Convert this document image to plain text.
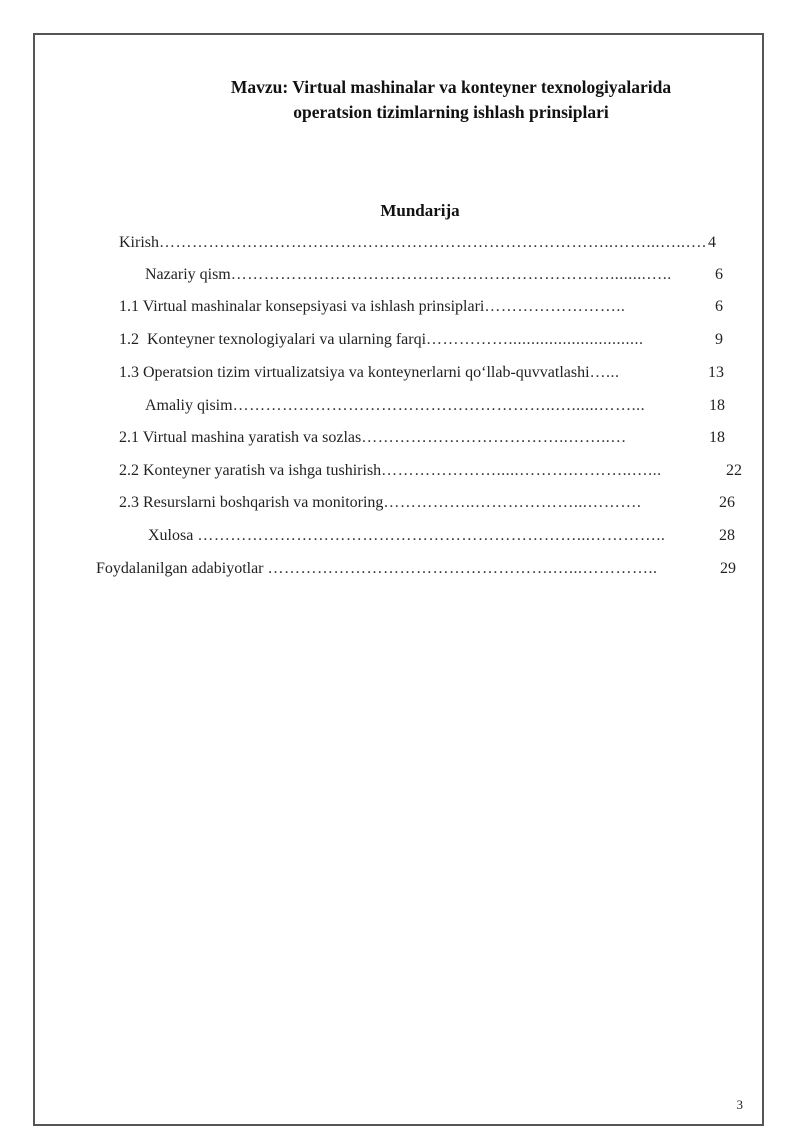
Mavzu: Virtual mashinalar va konteyner texnologiyalarida
operatsion tizimlarning ishlash prinsiplari
Mundarija
Kirish ………………………………………………………………………..……...…..…. 4
Nazariy qism ……………………………………………………………........…..	6
1.1 Virtual mashinalar konsepsiyasi va ishlash prinsiplari ……………………..	6
1.2  Konteyner texnologiyalari va ularning farqi ……………..............................	9
1.3 Operatsion tizim virtualizatsiya va konteynerlarni qo‘llab-quvvatlashi …...	13
Amaliy qisim …………………………………………………..…......……...	18
2.1 Virtual mashina yaratish va sozlas ………………………………..……..…	18
2.2 Konteyner yaratish va ishga tushirish ………………….....……….………..…...	22
2.3 Resurslarni boshqarish va monitoring ……………..………………...……….	26
Xulosa ……………………………………………………………...…………..	28
Foydalanilgan adabiyotlar …………………………………………….…...…………..	29
3
